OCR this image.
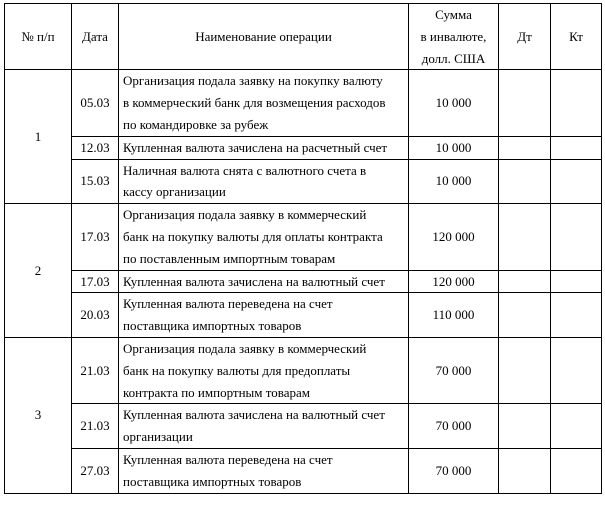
№ п/п	Дата	Наименование операции	Сумма
в инвалюте,
долл. США	Дт	Кт
1	05.03	Организация подала заявку на покупку валюту
в коммерческий банк для возмещения расходов
по командировке за рубеж	10 000		
	12.03	Купленная валюта зачислена на расчетный счет	10 000		
	15.03	Наличная валюта снята с валютного счета в
кассу организации	10 000		
2	17.03	Организация подала заявку в коммерческий
банк на покупку валюты для оплаты контракта
по поставленным импортным товарам	120 000		
	17.03	Купленная валюта зачислена на валютный счет	120 000		
	20.03	Купленная валюта переведена на счет
поставщика импортных товаров	110 000		
3	21.03	Организация подала заявку в коммерческий
банк на покупку валюты для предоплаты
контракта по импортным товарам	70 000		
	21.03	Купленная валюта зачислена на валютный счет
организации	70 000		
	27.03	Купленная валюта переведена на счет
поставщика импортных товаров	70 000		
